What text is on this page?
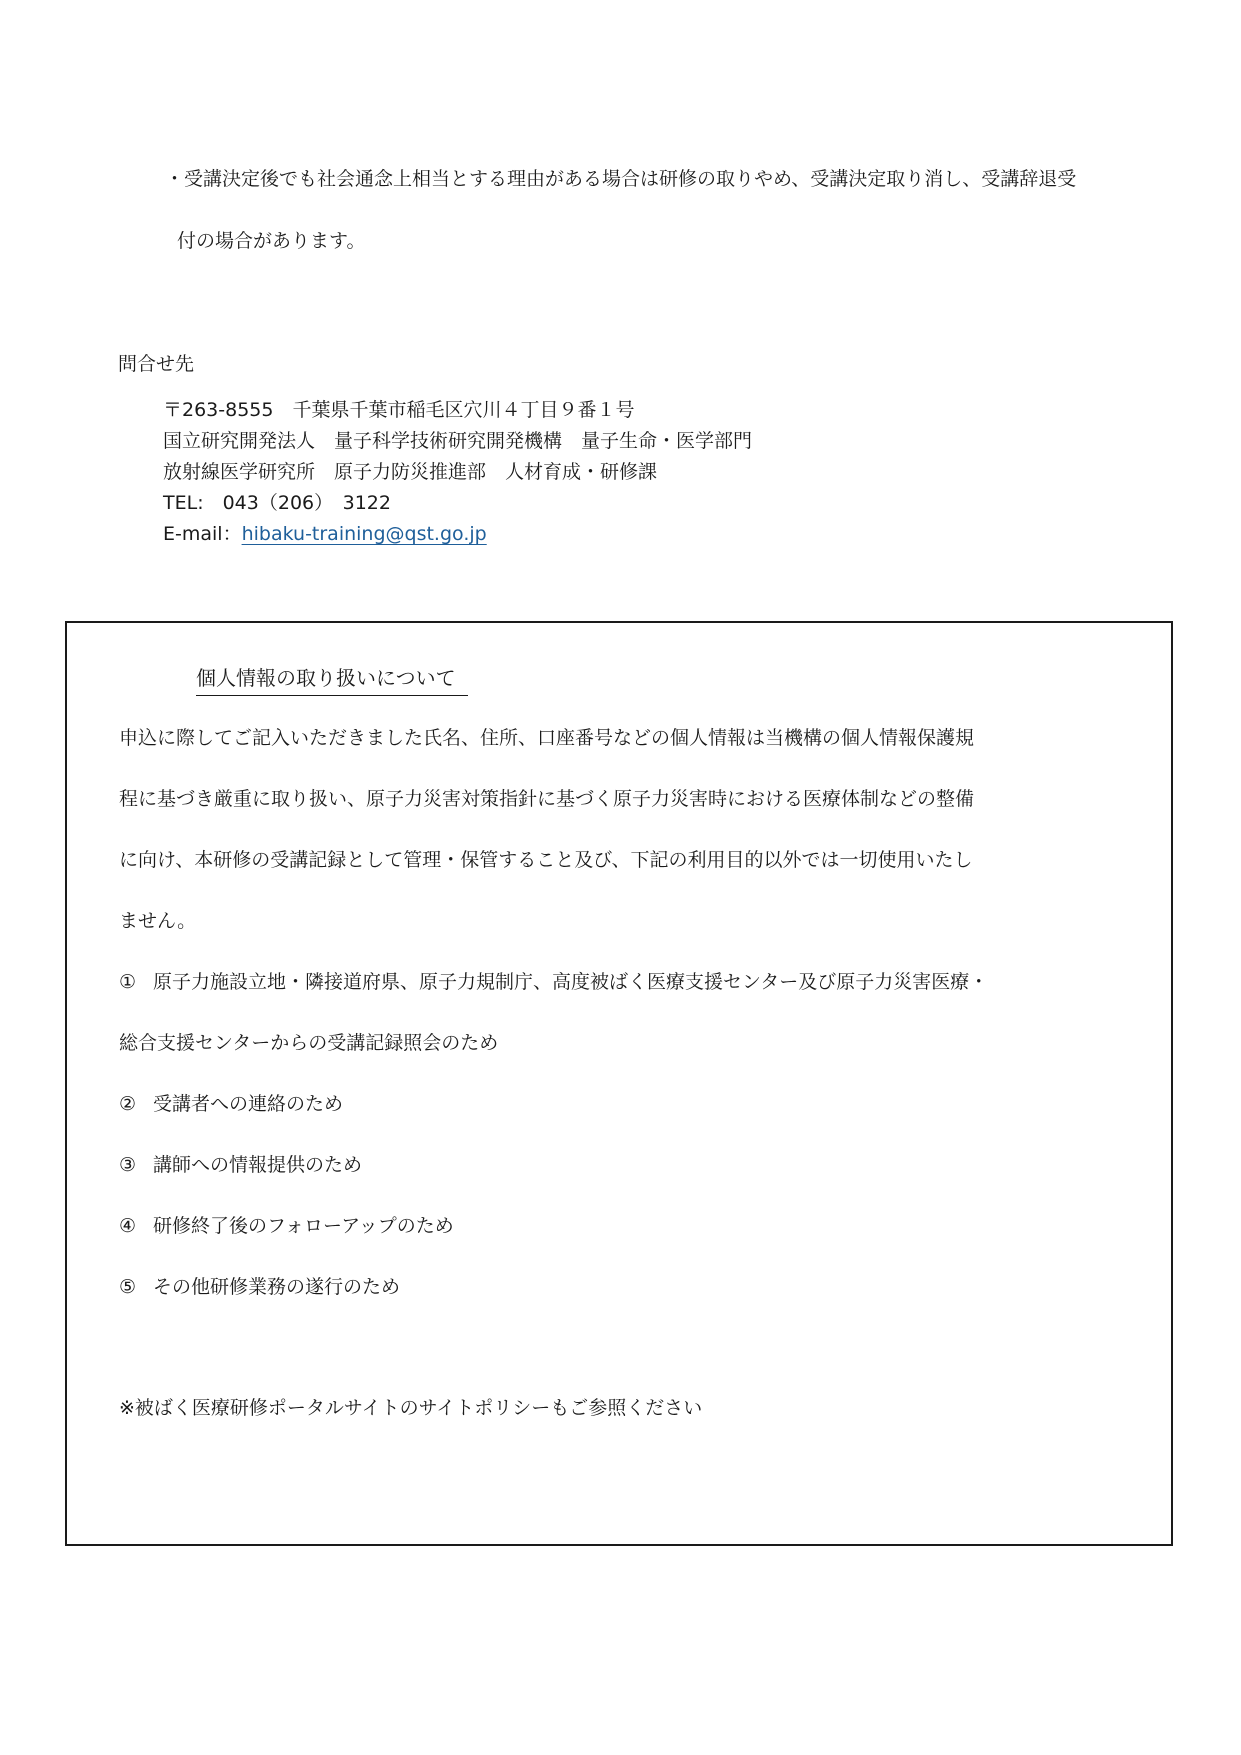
・受講決定後でも社会通念上相当とする理由がある場合は研修の取りやめ、受講決定取り消し、受講辞退受
付の場合があります。
問合せ先
〒263-8555　千葉県千葉市稲毛区穴川４丁目９番１号
国立研究開発法人　量子科学技術研究開発機構　量子生命・医学部門
放射線医学研究所　原子力防災推進部　人材育成・研修課
TEL:　043（206）　3122
E-mail：hibaku-training@qst.go.jp
個人情報の取り扱いについて
申込に際してご記入いただきました氏名、住所、口座番号などの個人情報は当機構の個人情報保護規
程に基づき厳重に取り扱い、原子力災害対策指針に基づく原子力災害時における医療体制などの整備
に向け、本研修の受講記録として管理・保管すること及び、下記の利用目的以外では一切使用いたし
ません。
① 原子力施設立地・隣接道府県、原子力規制庁、高度被ばく医療支援センター及び原子力災害医療・
総合支援センターからの受講記録照会のため
② 受講者への連絡のため
③ 講師への情報提供のため
④ 研修終了後のフォローアップのため
⑤ その他研修業務の遂行のため
※被ばく医療研修ポータルサイトのサイトポリシーもご参照ください
